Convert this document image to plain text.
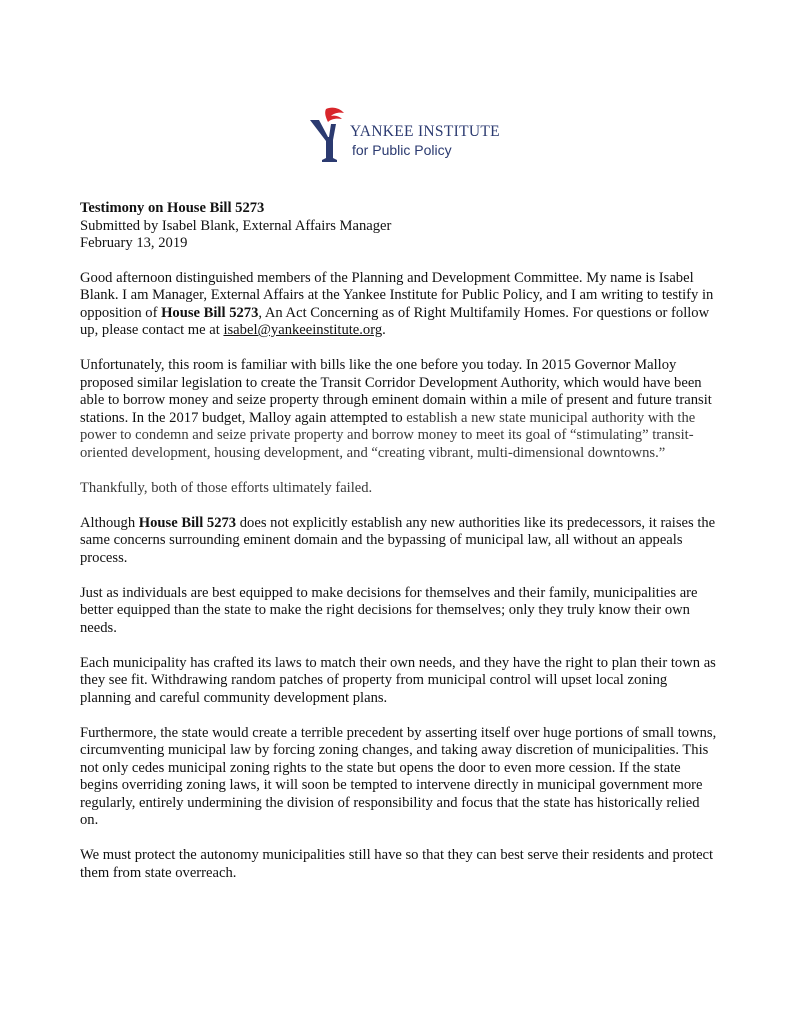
YANKEE INSTITUTE
for Public Policy
Testimony on House Bill 5273
Submitted by Isabel Blank, External Affairs Manager
February 13, 2019

Good afternoon distinguished members of the Planning and Development Committee. My name is Isabel Blank. I am Manager, External Affairs at the Yankee Institute for Public Policy, and I am writing to testify in opposition of House Bill 5273, An Act Concerning as of Right Multifamily Homes. For questions or follow up, please contact me at isabel@yankeeinstitute.org.

Unfortunately, this room is familiar with bills like the one before you today. In 2015 Governor Malloy proposed similar legislation to create the Transit Corridor Development Authority, which would have been able to borrow money and seize property through eminent domain within a mile of present and future transit stations. In the 2017 budget, Malloy again attempted to establish a new state municipal authority with the power to condemn and seize private property and borrow money to meet its goal of “stimulating” transit-oriented development, housing development, and “creating vibrant, multi-dimensional downtowns.”

Thankfully, both of those efforts ultimately failed.

Although House Bill 5273 does not explicitly establish any new authorities like its predecessors, it raises the same concerns surrounding eminent domain and the bypassing of municipal law, all without an appeals process.

Just as individuals are best equipped to make decisions for themselves and their family, municipalities are better equipped than the state to make the right decisions for themselves; only they truly know their own needs.

Each municipality has crafted its laws to match their own needs, and they have the right to plan their town as they see fit. Withdrawing random patches of property from municipal control will upset local zoning planning and careful community development plans.

Furthermore, the state would create a terrible precedent by asserting itself over huge portions of small towns, circumventing municipal law by forcing zoning changes, and taking away discretion of municipalities. This not only cedes municipal zoning rights to the state but opens the door to even more cession. If the state begins overriding zoning laws, it will soon be tempted to intervene directly in municipal government more regularly, entirely undermining the division of responsibility and focus that the state has historically relied on.

We must protect the autonomy municipalities still have so that they can best serve their residents and protect them from state overreach.
